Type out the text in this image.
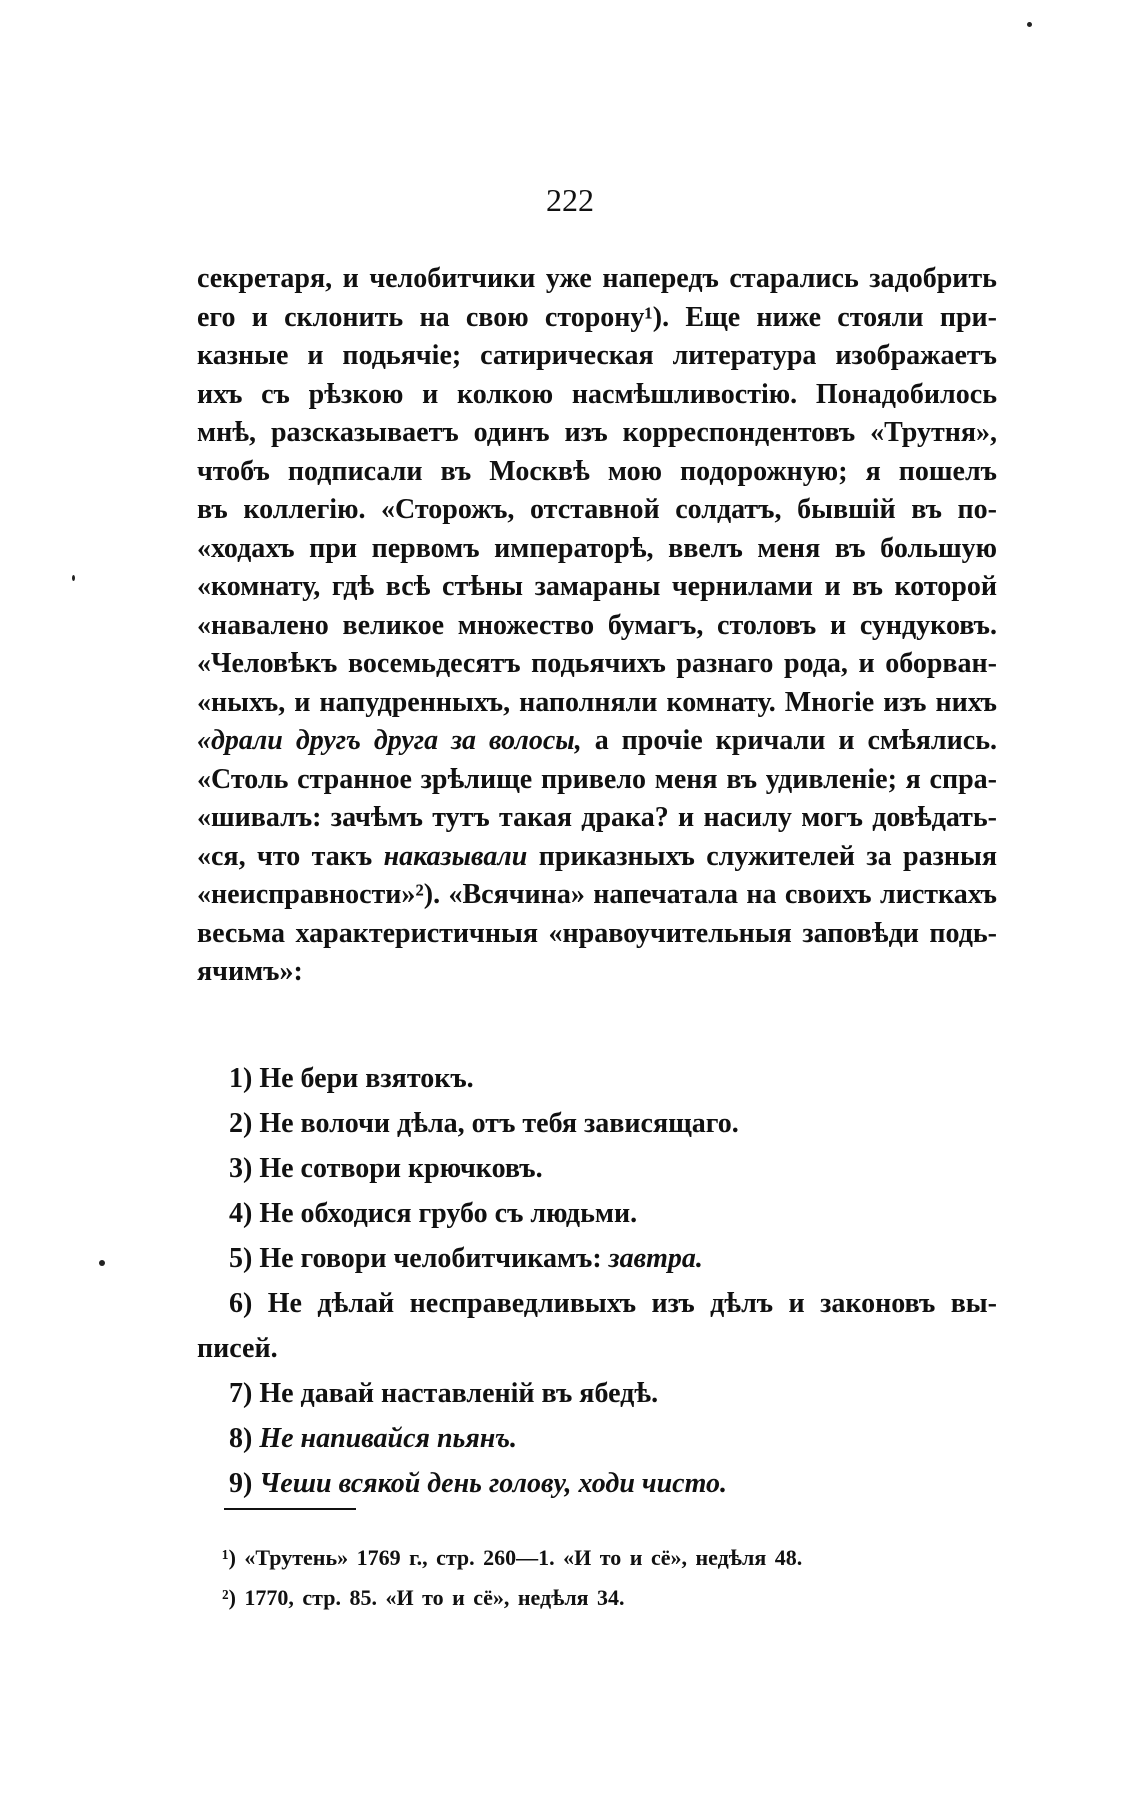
222
секретаря, и челобитчики уже напередъ старались задобрить
его и склонить на свою сторону¹). Еще ниже стояли при-
казные и подьячіе; сатирическая литература изображаетъ
ихъ съ рѣзкою и колкою насмѣшливостію. Понадобилось
мнѣ, разсказываетъ одинъ изъ корреспондентовъ «Трутня»,
чтобъ подписали въ Москвѣ мою подорожную; я пошелъ
въ коллегію. «Сторожъ, отставной солдатъ, бывшій въ по-
«ходахъ при первомъ императорѣ, ввелъ меня въ большую
«комнату, гдѣ всѣ стѣны замараны чернилами и въ которой
«навалено великое множество бумагъ, столовъ и сундуковъ.
«Человѣкъ восемьдесятъ подьячихъ разнаго рода, и оборван-
«ныхъ, и напудренныхъ, наполняли комнату. Многіе изъ нихъ
«драли другъ друга за волосы, а прочіе кричали и смѣялись.
«Столь странное зрѣлище привело меня въ удивленіе; я спра-
«шивалъ: зачѣмъ тутъ такая драка? и насилу могъ довѣдать-
«ся, что такъ наказывали приказныхъ служителей за разныя
«неисправности»²). «Всячина» напечатала на своихъ листкахъ
весьма характеристичныя «нравоучительныя заповѣди подь-
ячимъ»:
1) Не бери взятокъ.
2) Не волочи дѣла, отъ тебя зависящаго.
3) Не сотвори крючковъ.
4) Не обходися грубо съ людьми.
5) Не говори челобитчикамъ: завтра.
6) Не дѣлай несправедливыхъ изъ дѣлъ и законовъ вы-
писей.
7) Не давай наставленій въ ябедѣ.
8) Не напивайся пьянъ.
9) Чеши всякой день голову, ходи чисто.
¹) «Трутень» 1769 г., стр. 260—1. «И то и сё», недѣля 48.
²) 1770, стр. 85. «И то и сё», недѣля 34.
